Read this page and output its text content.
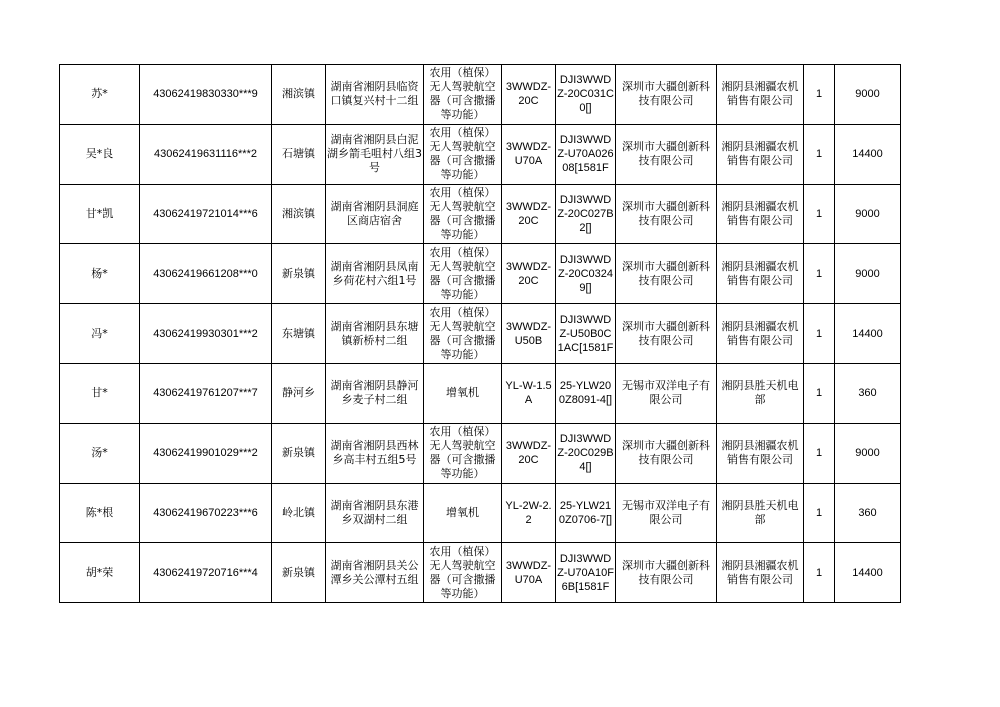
苏*	43062419830330***9	湘滨镇	湖南省湘阴县临资口镇复兴村十二组	农用（植保）无人驾驶航空器（可含撒播等功能）	3WWDZ-20C	DJI3WWDZ-20C031C0[]	深圳市大疆创新科技有限公司	湘阴县湘疆农机销售有限公司	1	9000
吴*良	43062419631116***2	石塘镇	湖南省湘阴县白泥湖乡箭毛咀村八组3号	农用（植保）无人驾驶航空器（可含撒播等功能）	3WWDZ-U70A	DJI3WWDZ-U70A02608[1581F	深圳市大疆创新科技有限公司	湘阴县湘疆农机销售有限公司	1	14400
甘*凯	43062419721014***6	湘滨镇	湖南省湘阴县洞庭区商店宿舍	农用（植保）无人驾驶航空器（可含撒播等功能）	3WWDZ-20C	DJI3WWDZ-20C027B2[]	深圳市大疆创新科技有限公司	湘阴县湘疆农机销售有限公司	1	9000
杨*	43062419661208***0	新泉镇	湖南省湘阴县凤南乡荷花村六组1号	农用（植保）无人驾驶航空器（可含撒播等功能）	3WWDZ-20C	DJI3WWDZ-20C03249[]	深圳市大疆创新科技有限公司	湘阴县湘疆农机销售有限公司	1	9000
冯*	43062419930301***2	东塘镇	湖南省湘阴县东塘镇新桥村二组	农用（植保）无人驾驶航空器（可含撒播等功能）	3WWDZ-U50B	DJI3WWDZ-U50B0C1AC[1581F	深圳市大疆创新科技有限公司	湘阴县湘疆农机销售有限公司	1	14400
甘*	43062419761207***7	静河乡	湖南省湘阴县静河乡麦子村二组	增氧机	YL-W-1.5A	25-YLW200Z8091-4[]	无锡市双洋电子有限公司	湘阴县胜天机电部	1	360
汤*	43062419901029***2	新泉镇	湖南省湘阴县西林乡高丰村五组5号	农用（植保）无人驾驶航空器（可含撒播等功能）	3WWDZ-20C	DJI3WWDZ-20C029B4[]	深圳市大疆创新科技有限公司	湘阴县湘疆农机销售有限公司	1	9000
陈*根	43062419670223***6	岭北镇	湖南省湘阴县东港乡双湖村二组	增氧机	YL-2W-2.2	25-YLW210Z0706-7[]	无锡市双洋电子有限公司	湘阴县胜天机电部	1	360
胡*荣	43062419720716***4	新泉镇	湖南省湘阴县关公潭乡关公潭村五组	农用（植保）无人驾驶航空器（可含撒播等功能）	3WWDZ-U70A	DJI3WWDZ-U70A10F6B[1581F	深圳市大疆创新科技有限公司	湘阴县湘疆农机销售有限公司	1	14400
